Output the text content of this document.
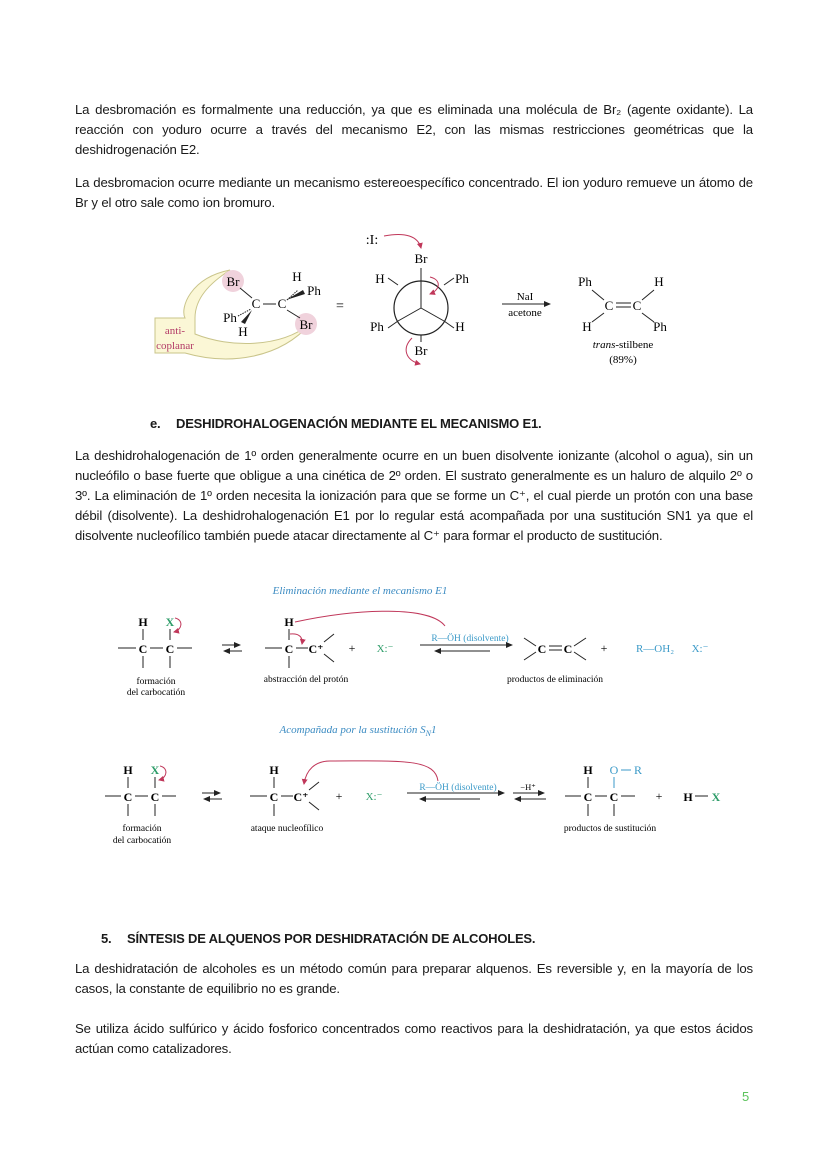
La desbromación es formalmente una reducción, ya que es eliminada una molécula de Br₂ (agente oxidante). La reacción con yoduro ocurre a través del mecanismo E2, con las mismas restricciones geométricas que la deshidrogenación E2.
La desbromacion ocurre mediante un mecanismo estereoespecífico concentrado. El ion yoduro remueve un átomo de Br y el otro sale como ion bromuro.
anti-
coplanar
Br
Br
C C
H
Ph
Ph
H
=
:I:
Br
H	Ph
Ph	H
Br
NaI
acetone
Ph	H
C C
H	Ph
trans-stilbene
(89%)
e. DESHIDROHALOGENACIÓN MEDIANTE EL MECANISMO E1.
La deshidrohalogenación de 1º orden generalmente ocurre en un buen disolvente ionizante (alcohol o agua), sin un nucleófilo o base fuerte que obligue a una cinética de 2º orden. El sustrato generalmente es un haluro de alquilo 2º o 3º. La eliminación de 1º orden necesita la ionización para que se forme un C⁺, el cual pierde un protón con una base débil (disolvente). La deshidrohalogenación E1 por lo regular está acompañada por una sustitución SN1 ya que el disolvente nucleofílico también puede atacar directamente al C⁺ para formar el producto de sustitución.
Eliminación mediante el mecanismo E1
H X
C C
formación
del carbocatión
H
C C⁺
abstracción del protón
+ X:⁻
R—ÖH (disolvente)
C C +	R—OH₂ X:⁻
productos de eliminación
Acompañada por la sustitución $S_N1$
H X
C C
formación
del carbocatión
H
C C⁺
ataque nucleofílico
+ X:⁻
R—ÖH (disolvente)	−H⁺
H O R
C C	+ H X
productos de sustitución
5. SÍNTESIS DE ALQUENOS POR DESHIDRATACIÓN DE ALCOHOLES.
La deshidratación de alcoholes es un método común para preparar alquenos. Es reversible y, en la mayoría de los casos, la constante de equilibrio no es grande.
Se utiliza ácido sulfúrico y ácido fosforico concentrados como reactivos para la deshidratación, ya que estos ácidos actúan como catalizadores.
5
